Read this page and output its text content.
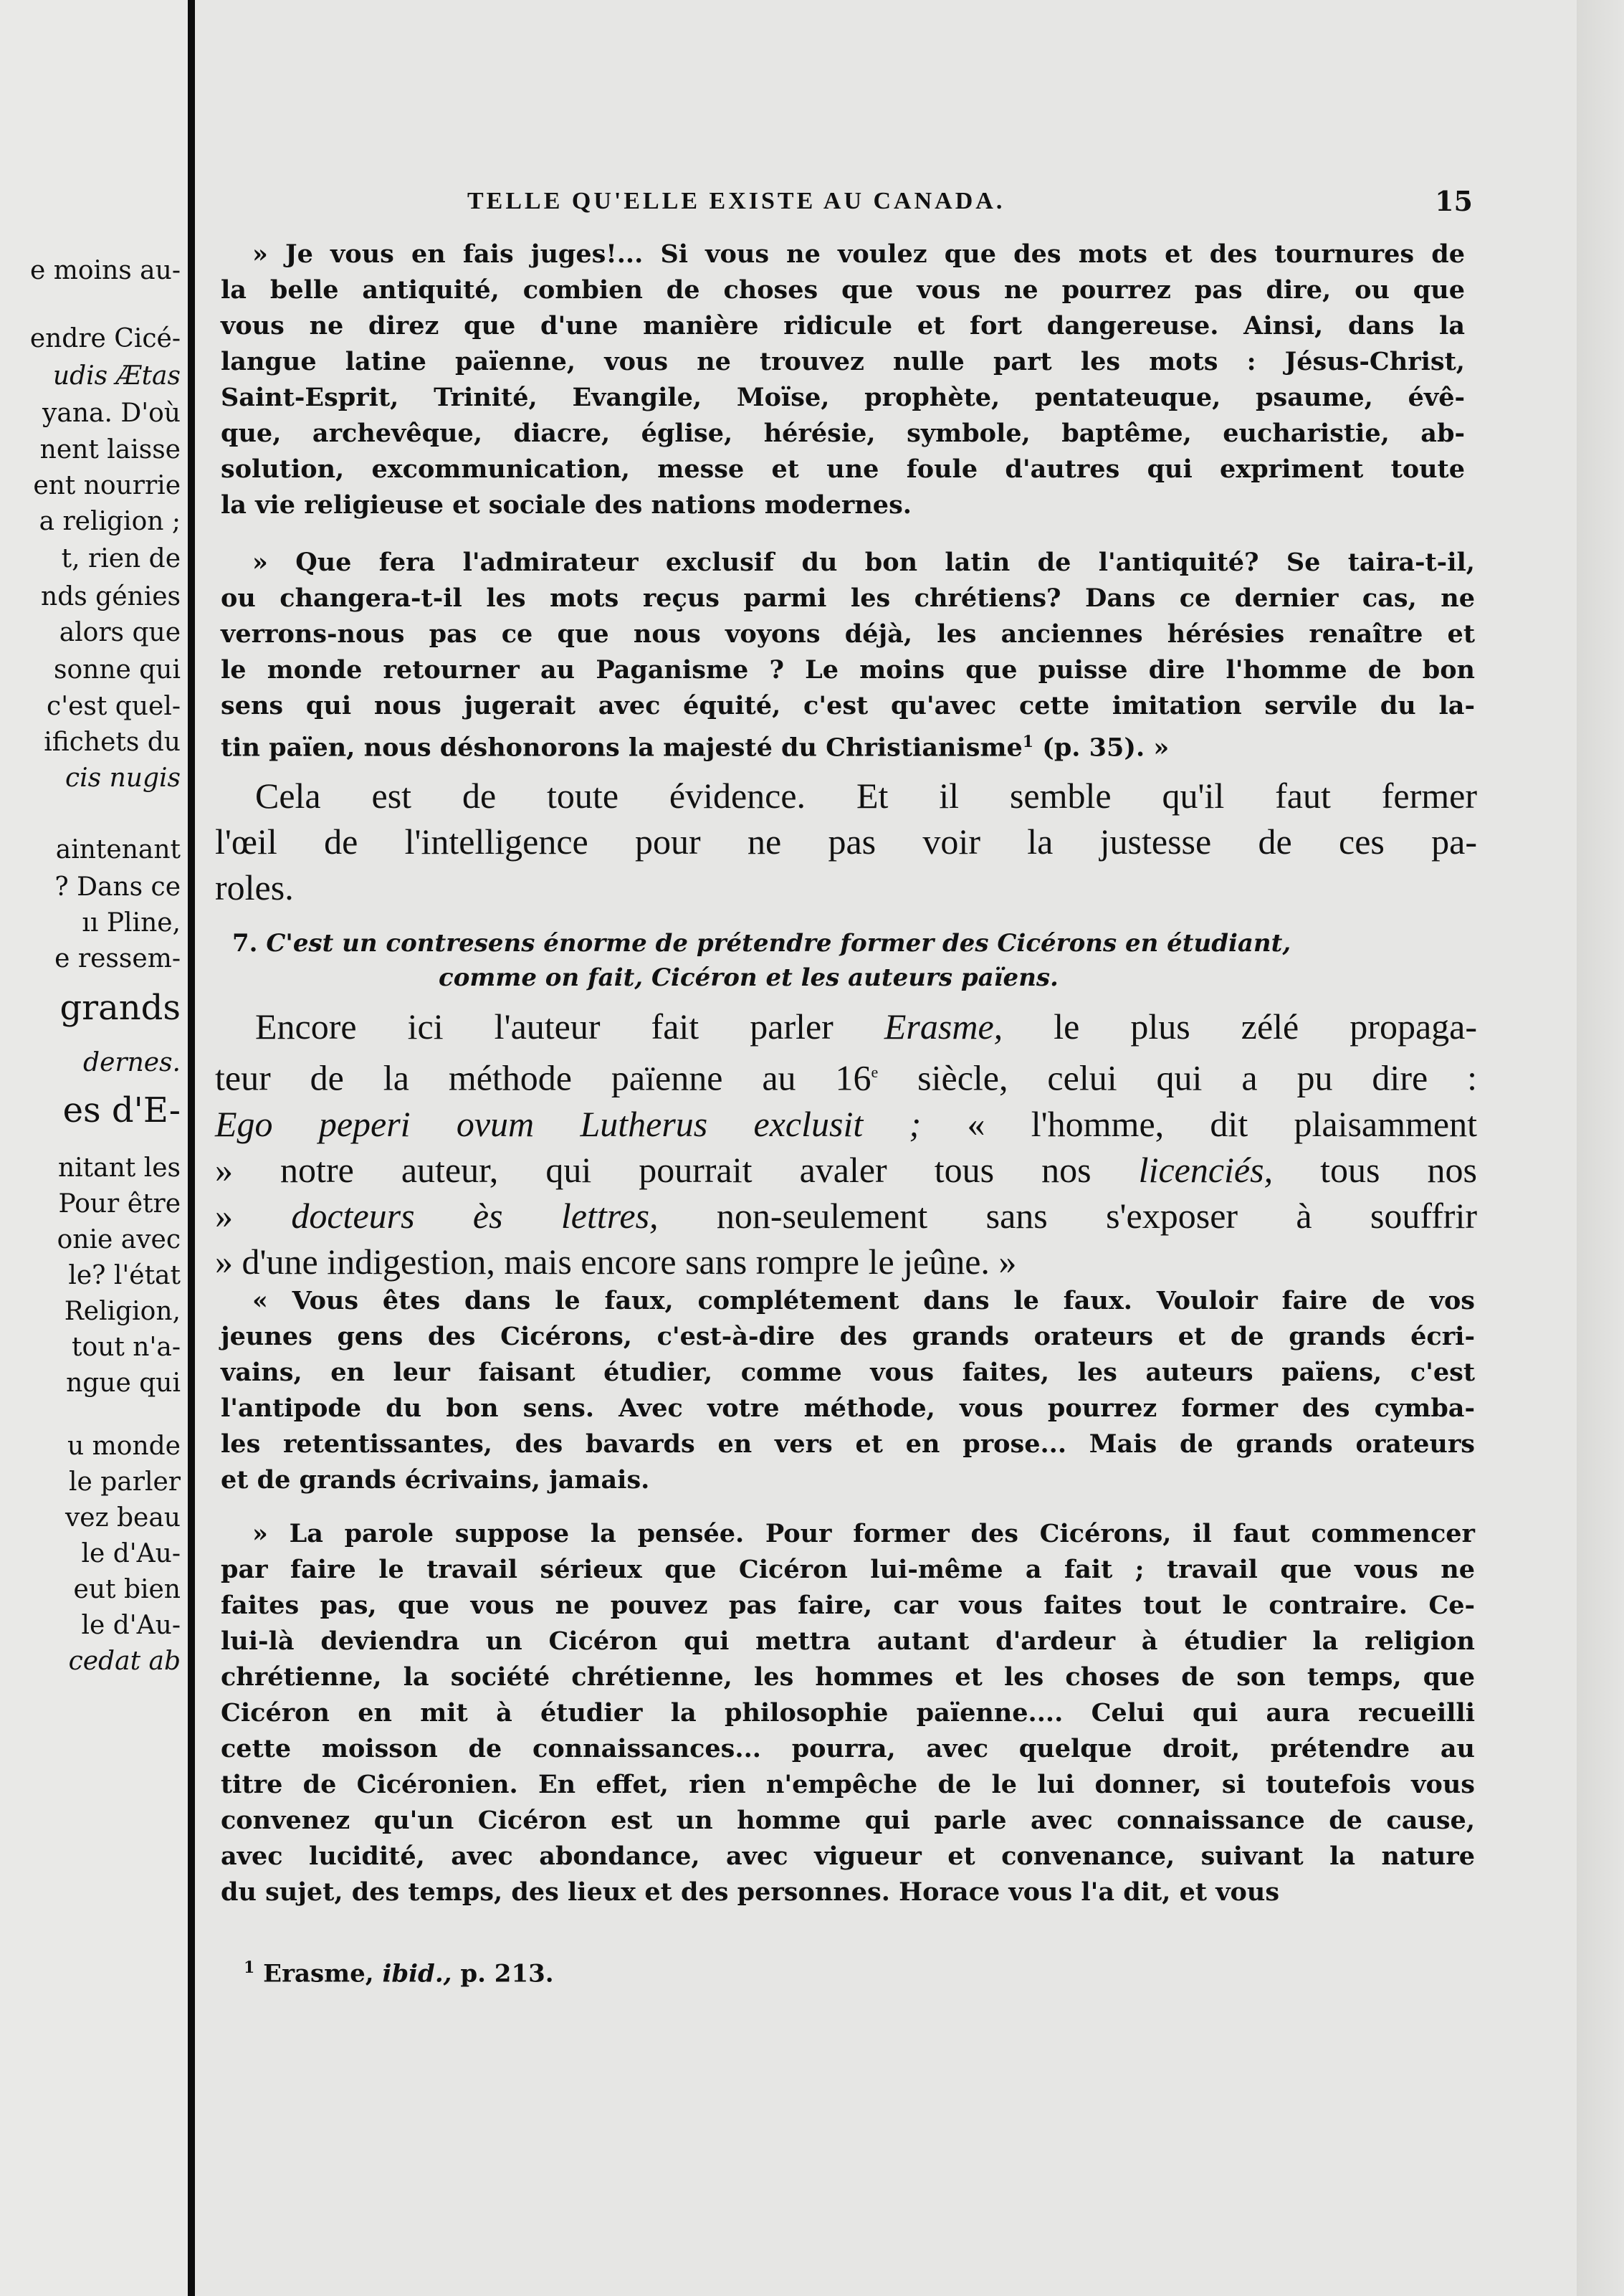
e moins au-
endre Cicé-
udis Ætas
yana. D'où
nent laisse
ent nourrie
a religion ;
t, rien de
nds génies
alors que
sonne qui
c'est quel-
ifichets du
cis nugis
aintenant
? Dans ce
ıı Pline,
e ressem-
grands
dernes.
es d'E-
nitant les
Pour être
onie avec
le? l'état
Religion,
tout n'a-
ngue qui
u monde
le parler
vez beau
le d'Au-
eut bien
le d'Au-
cedat ab
TELLE QU'ELLE EXISTE AU CANADA.	15
» Je vous en fais juges!... Si vous ne voulez que des mots et des tournures de
la belle antiquité, combien de choses que vous ne pourrez pas dire, ou que
vous ne direz que d'une manière ridicule et fort dangereuse. Ainsi, dans la
langue latine païenne, vous ne trouvez nulle part les mots : Jésus-Christ,
Saint-Esprit, Trinité, Evangile, Moïse, prophète, pentateuque, psaume, évê-
que, archevêque, diacre, église, hérésie, symbole, baptême, eucharistie, ab-
solution, excommunication, messe et une foule d'autres qui expriment toute
la vie religieuse et sociale des nations modernes.
» Que fera l'admirateur exclusif du bon latin de l'antiquité? Se taira-t-il,
ou changera-t-il les mots reçus parmi les chrétiens? Dans ce dernier cas, ne
verrons-nous pas ce que nous voyons déjà, les anciennes hérésies renaître et
le monde retourner au Paganisme ? Le moins que puisse dire l'homme de bon
sens qui nous jugerait avec équité, c'est qu'avec cette imitation servile du la-
tin païen, nous déshonorons la majesté du Christianisme$^1$ (p. 35). »
Cela est de toute évidence. Et il semble qu'il faut fermer
l'œil de l'intelligence pour ne pas voir la justesse de ces pa-
roles.
7. C'est un contresens énorme de prétendre former des Cicérons en étudiant,
comme on fait, Cicéron et les auteurs païens.
Encore ici l'auteur fait parler Erasme, le plus zélé propaga-
teur de la méthode païenne au 16e siècle, celui qui a pu dire :
Ego peperi ovum Lutherus exclusit ; « l'homme, dit plaisamment
» notre auteur, qui pourrait avaler tous nos licenciés, tous nos
» docteurs ès lettres, non-seulement sans s'exposer à souffrir
» d'une indigestion, mais encore sans rompre le jeûne. »
« Vous êtes dans le faux, complétement dans le faux. Vouloir faire de vos
jeunes gens des Cicérons, c'est-à-dire des grands orateurs et de grands écri-
vains, en leur faisant étudier, comme vous faites, les auteurs païens, c'est
l'antipode du bon sens. Avec votre méthode, vous pourrez former des cymba-
les retentissantes, des bavards en vers et en prose... Mais de grands orateurs
et de grands écrivains, jamais.
» La parole suppose la pensée. Pour former des Cicérons, il faut commencer
par faire le travail sérieux que Cicéron lui-même a fait ; travail que vous ne
faites pas, que vous ne pouvez pas faire, car vous faites tout le contraire. Ce-
lui-là deviendra un Cicéron qui mettra autant d'ardeur à étudier la religion
chrétienne, la société chrétienne, les hommes et les choses de son temps, que
Cicéron en mit à étudier la philosophie païenne.... Celui qui aura recueilli
cette moisson de connaissances... pourra, avec quelque droit, prétendre au
titre de Cicéronien. En effet, rien n'empêche de le lui donner, si toutefois vous
convenez qu'un Cicéron est un homme qui parle avec connaissance de cause,
avec lucidité, avec abondance, avec vigueur et convenance, suivant la nature
du sujet, des temps, des lieux et des personnes. Horace vous l'a dit, et vous
$^1$ Erasme, ibid., p. 213.
